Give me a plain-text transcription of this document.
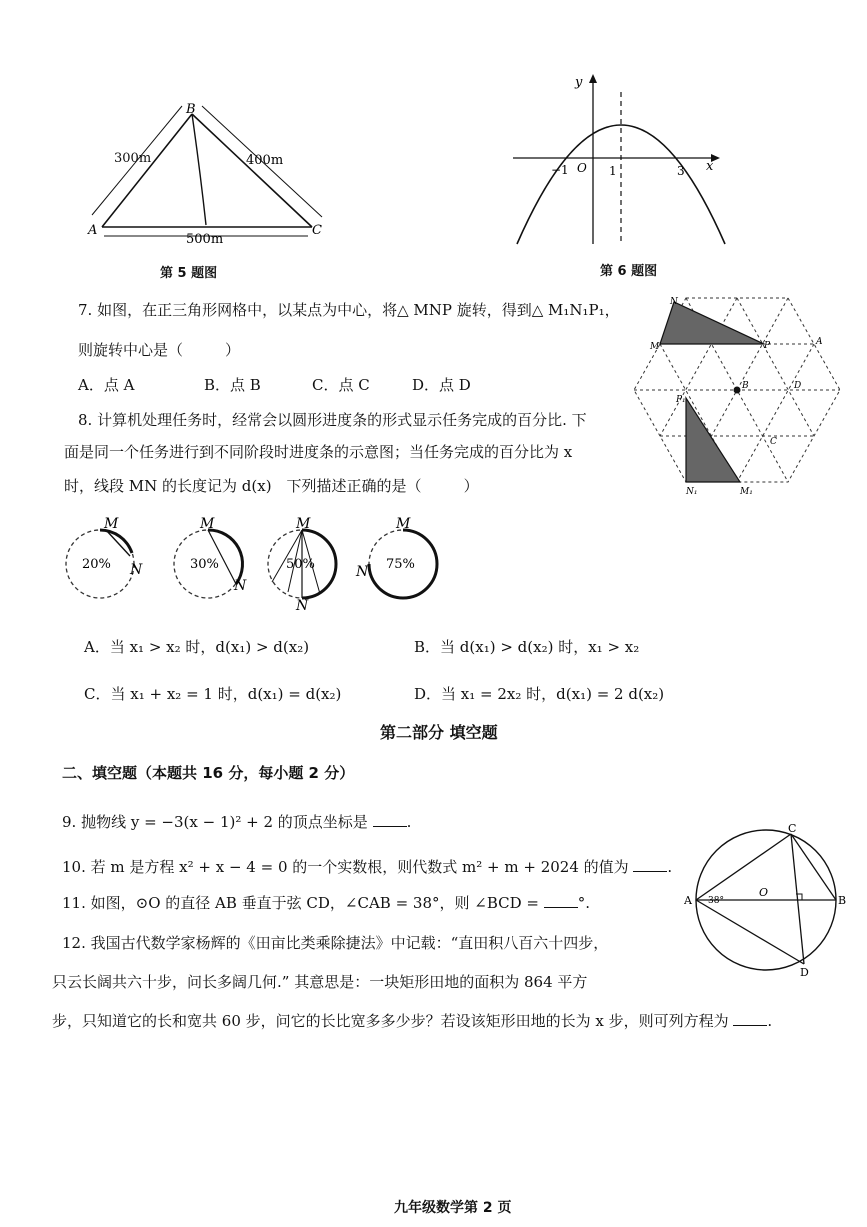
B
A	C
300m	400m
500m
第 5 题图
y
x
O
−1	1	3
第 6 题图
7. 如图，在正三角形网格中，以某点为中心，将△ MNP 旋转，得到△ M₁N₁P₁，
则旋转中心是（	）
A．点 A	B．点 B	C．点 C	D．点 D
N
M	P	A
B	D
C
P₁
N₁	M₁
8. 计算机处理任务时，经常会以圆形进度条的形式显示任务完成的百分比. 下
面是同一个任务进行到不同阶段时进度条的示意图；当任务完成的百分比为 x
时，线段 MN 的长度记为 d(x)　下列描述正确的是（	）
20%
M
N	30%
M
N
50%
M
N
75%
M
N
A．当 x₁ > x₂ 时，d(x₁) > d(x₂)	B．当 d(x₁) > d(x₂) 时，x₁ > x₂
C．当 x₁ + x₂ = 1 时，d(x₁) = d(x₂)	D．当 x₁ = 2x₂ 时，d(x₁) = 2 d(x₂)
第二部分 填空题
二、填空题（本题共 16 分，每小题 2 分）
9. 抛物线 y = −3(x − 1)² + 2 的顶点坐标是	.
10. 若 m 是方程 x² + x − 4 = 0 的一个实数根，则代数式 m² + m + 2024 的值为	.
11. 如图，⊙O 的直径 AB 垂直于弦 CD，∠CAB = 38°，则 ∠BCD =	°.
12. 我国古代数学家杨辉的《田亩比类乘除捷法》中记载：“直田积八百六十四步，
只云长阔共六十步，问长多阔几何.” 其意思是：一块矩形田地的面积为 864 平方
步，只知道它的长和宽共 60 步，问它的长比宽多多少步？若设该矩形田地的长为 x 步，则可列方程为	.
A	B
C
D
O
38°
九年级数学第 2 页
